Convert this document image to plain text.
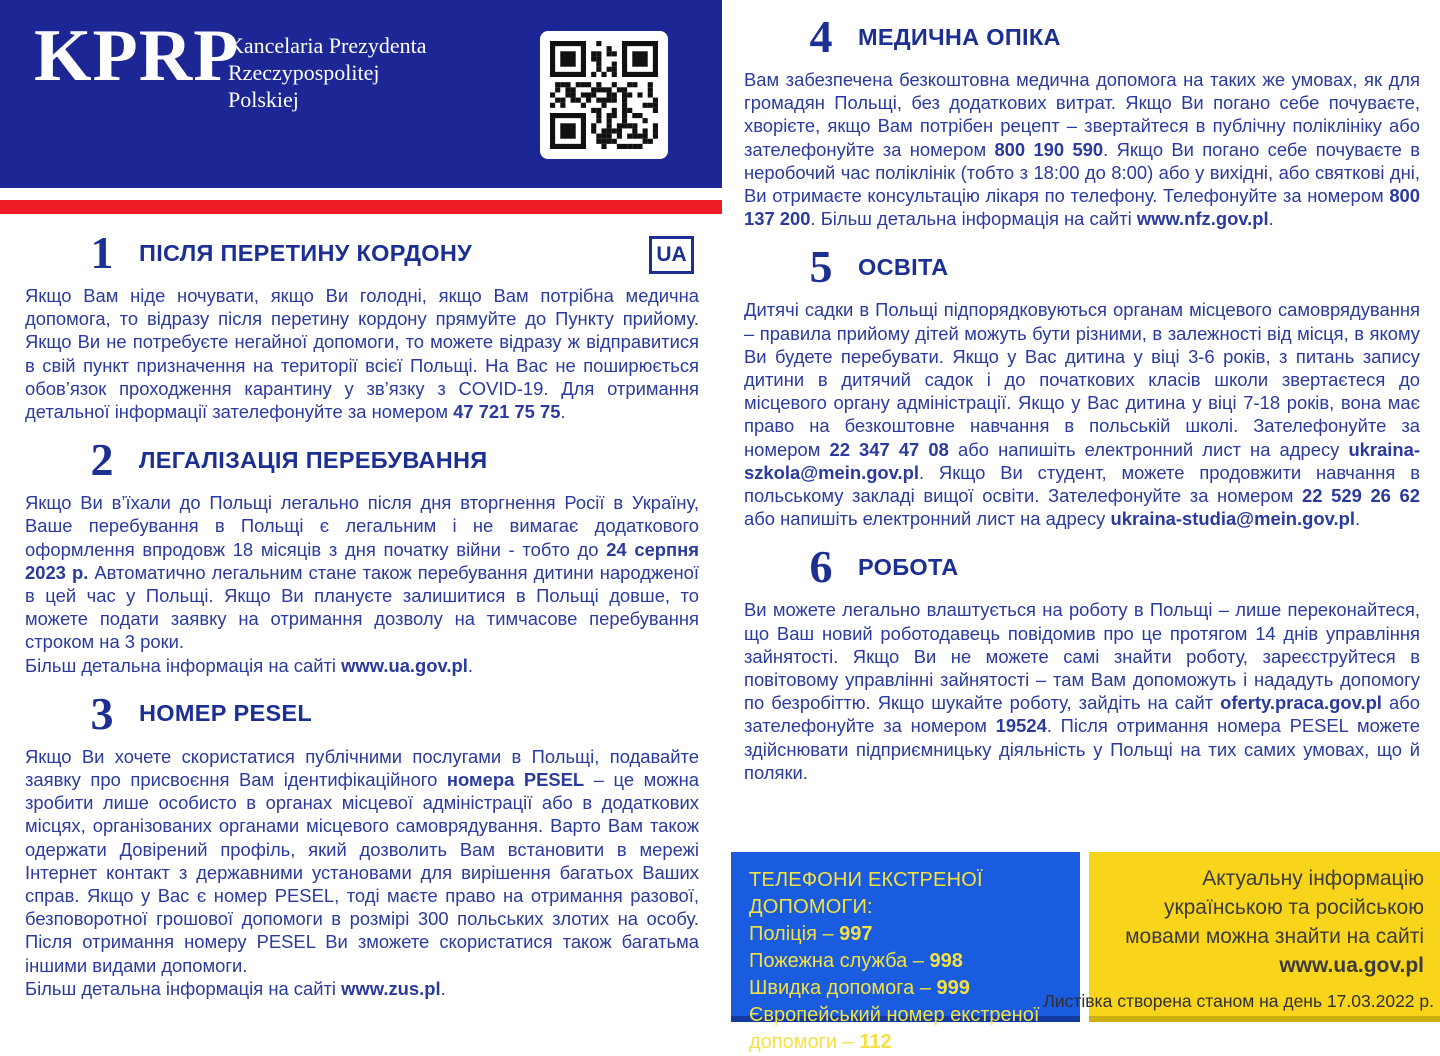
KPRP
Kancelaria Prezydenta
Rzeczypospolitej
Polskiej
UA
1	ПІСЛЯ ПЕРЕТИНУ КОРДОНУ

Якщо Вам ніде ночувати, якщо Ви голодні, якщо Вам потрібна медична допомога, то відразу після перетину кордону прямуйте до Пункту прийому. Якщо Ви не потребуєте негайної допомоги, то можете відразу ж відправитися в свій пункт призначення на території всієї Польщі. На Вас не поширюється обов’язок проходження карантину у зв’язку з COVID-19. Для отримання детальної інформації зателефонуйте за номером 47 721 75 75.

2	ЛЕГАЛІЗАЦІЯ ПЕРЕБУВАННЯ

Якщо Ви в’їхали до Польщі легально після дня вторгнення Росії в Україну, Ваше перебування в Польщі є легальним і не вимагає додаткового оформлення впродовж 18 місяців з дня початку війни - тобто до 24 серпня 2023 р. Автоматично легальним стане також перебування дитини народженої в цей час у Польщі. Якщо Ви плануєте залишитися в Польщі довше, то можете подати заявку на отримання дозволу на тимчасове перебування строком на 3 роки.
Більш детальна інформація на сайті www.ua.gov.pl.

3	НОМЕР PESEL

Якщо Ви хочете скористатися публічними послугами в Польщі, подавайте заявку про присвоєння Вам ідентифікаційного номера PESEL – це можна зробити лише особисто в органах місцевої адміністрації або в додаткових місцях, організованих органами місцевого самоврядування. Варто Вам також одержати Довірений профіль, який дозволить Вам встановити в мережі Інтернет контакт з державними установами для вирішення багатьох Ваших справ. Якщо у Вас є номер PESEL, тоді маєте право на отримання разової, безповоротної грошової допомоги в розмірі 300 польських злотих на особу. Після отримання номеру PESEL Ви зможете скористатися також багатьма іншими видами допомоги.
Більш детальна інформація на сайті www.zus.pl.

4	МЕДИЧНА ОПІКА

Вам забезпечена безкоштовна медична допомога на таких же умовах, як для громадян Польщі, без додаткових витрат. Якщо Ви погано себе почуваєте, хворієте, якщо Вам потрібен рецепт – звертайтеся в публічну поліклініку або зателефонуйте за номером 800 190 590. Якщо Ви погано себе почуваєте в неробочий час поліклінік (тобто з 18:00 до 8:00) або у вихідні, або святкові дні, Ви отримаєте консультацію лікаря по телефону. Телефонуйте за номером 800 137 200. Більш детальна інформація на сайті www.nfz.gov.pl.

5	ОСВІТА

Дитячі садки в Польщі підпорядковуються органам місцевого самоврядування – правила прийому дітей можуть бути різними, в залежності від місця, в якому Ви будете перебувати. Якщо у Вас дитина у віці 3-6 років, з питань запису дитини в дитячий садок і до початкових класів школи звертаєтеся до місцевого органу адміністрації. Якщо у Вас дитина у віці 7-18 років, вона має право на безкоштовне навчання в польській школі. Зателефонуйте за номером 22 347 47 08 або напишіть електронний лист на адресу ukraina-szkola@mein.gov.pl. Якщо Ви студент, можете продовжити навчання в польському закладі вищої освіти. Зателефонуйте за номером 22 529 26 62 або напишіть електронний лист на адресу ukraina-studia@mein.gov.pl.

6	РОБОТА

Ви можете легально влаштується на роботу в Польщі – лише переконайтеся, що Ваш новий роботодавець повідомив про це протягом 14 днів управління зайнятості. Якщо Ви не можете самі знайти роботу, зареєструйтеся в повітовому управлінні зайнятості – там Вам допоможуть і нададуть допомогу по безробіттю. Якщо шукайте роботу, зайдіть на сайт oferty.praca.gov.pl або зателефонуйте за номером 19524. Після отримання номера PESEL можете здійснювати підприємницьку діяльність у Польщі на тих самих умовах, що й поляки.

ТЕЛЕФОНИ ЕКСТРЕНОЇ ДОПОМОГИ:
Поліція – 997
Пожежна служба – 998
Швидка допомога – 999
Європейський номер екстреної допомоги – 112
Актуальну інформацію українською та російською мовами можна знайти на сайті www.ua.gov.pl
Листівка створена станом на день 17.03.2022 р.
